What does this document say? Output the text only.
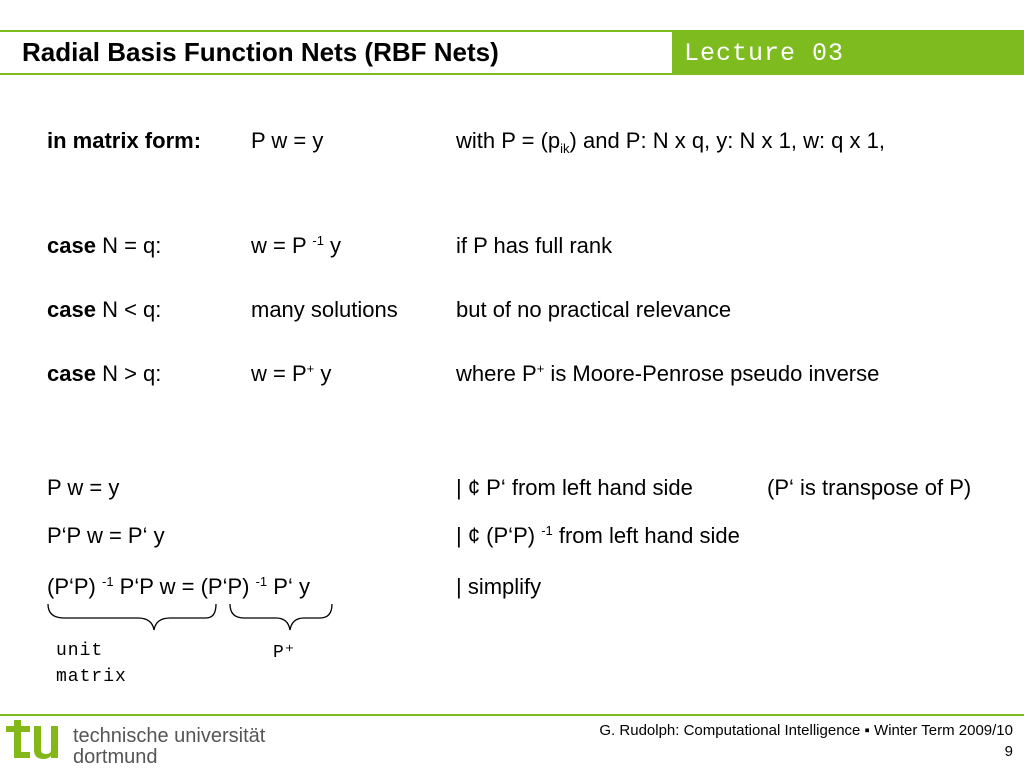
Radial Basis Function Nets (RBF Nets)	Lecture 03
in matrix form: P w = y	with $P = (p_{ik})$ and P: N x q, y: N x 1, w: q x 1,
case N = q:	w = P $^{-1}$ y	if P has full rank
case N < q:	many solutions	but of no practical relevance
case N > q:	w = P+ y	where P+ is Moore-Penrose pseudo inverse
P w = y	| ¢ P‘ from left hand side	(P‘ is transpose of P)
P‘P w = P‘ y	| ¢ (P‘P) $^{-1}$ from left hand side
(P‘P) $^{-1}$ P‘P w = (P‘P) $^{-1}$ P‘ y	| simplify
unit
matrix
P⁺
technische universität
dortmund
G. Rudolph: Computational Intelligence ▪ Winter Term 2009/10
9
